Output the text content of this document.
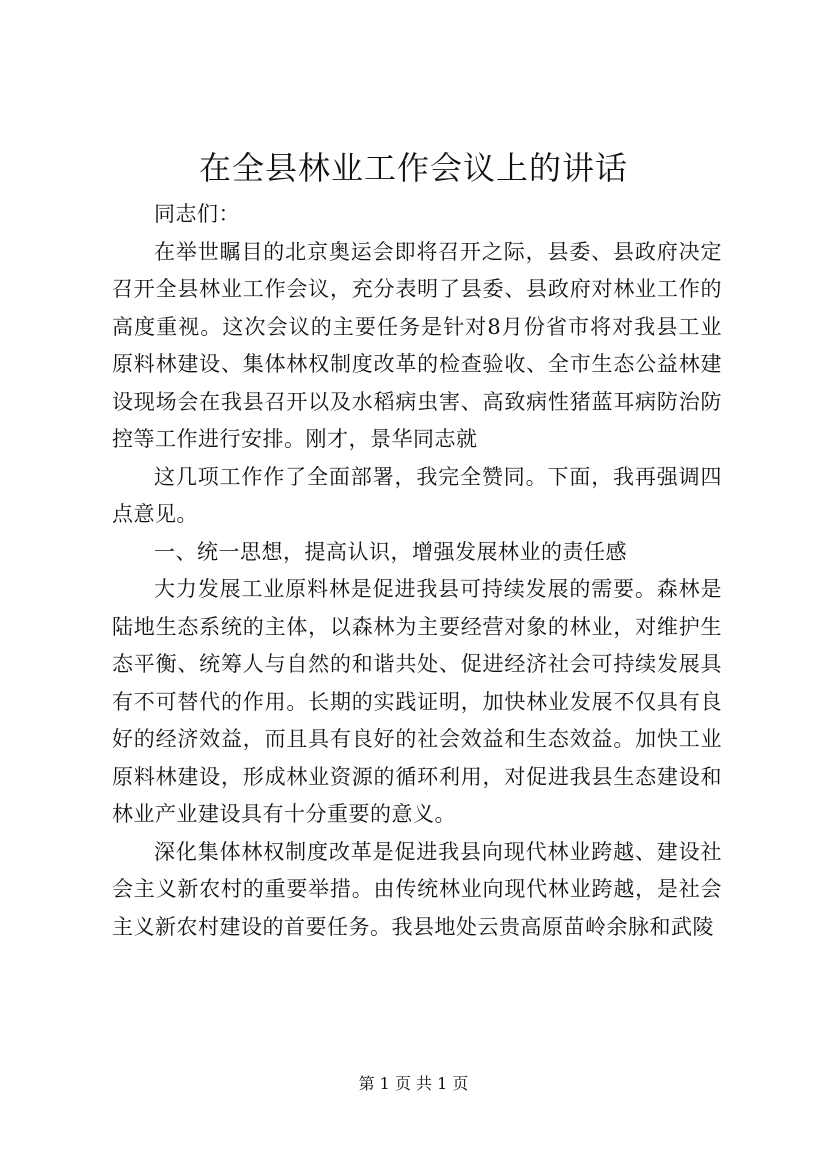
在全县林业工作会议上的讲话

同志们：

在举世瞩目的北京奥运会即将召开之际，县委、县政府决定召开全县林业工作会议，充分表明了县委、县政府对林业工作的高度重视。这次会议的主要任务是针对8月份省市将对我县工业原料林建设、集体林权制度改革的检查验收、全市生态公益林建设现场会在我县召开以及水稻病虫害、高致病性猪蓝耳病防治防控等工作进行安排。刚才，景华同志就

这几项工作作了全面部署，我完全赞同。下面，我再强调四点意见。

一、统一思想，提高认识，增强发展林业的责任感

大力发展工业原料林是促进我县可持续发展的需要。森林是陆地生态系统的主体，以森林为主要经营对象的林业，对维护生态平衡、统筹人与自然的和谐共处、促进经济社会可持续发展具有不可替代的作用。长期的实践证明，加快林业发展不仅具有良好的经济效益，而且具有良好的社会效益和生态效益。加快工业原料林建设，形成林业资源的循环利用，对促进我县生态建设和林业产业建设具有十分重要的意义。

深化集体林权制度改革是促进我县向现代林业跨越、建设社会主义新农村的重要举措。由传统林业向现代林业跨越，是社会主义新农村建设的首要任务。我县地处云贵高原苗岭余脉和武陵

第 1 页 共 1 页
